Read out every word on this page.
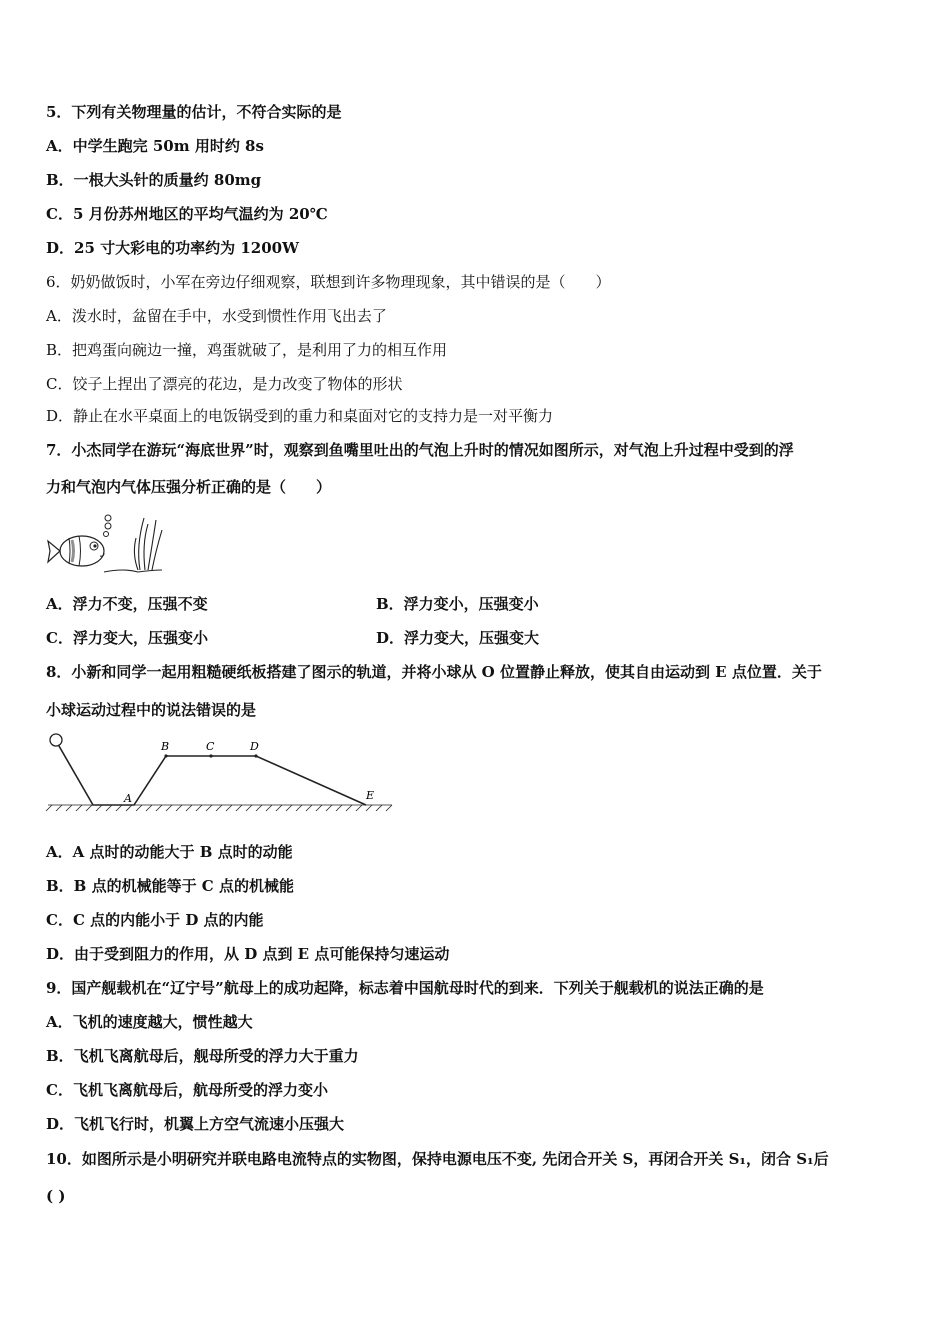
5．下列有关物理量的估计，不符合实际的是
A．中学生跑完 50m 用时约 8s
B．一根大头针的质量约 80mg
C．5 月份苏州地区的平均气温约为 20℃
D．25 寸大彩电的功率约为 1200W
6．奶奶做饭时，小军在旁边仔细观察，联想到许多物理现象，其中错误的是（　　）
A．泼水时，盆留在手中，水受到惯性作用飞出去了
B．把鸡蛋向碗边一撞，鸡蛋就破了，是利用了力的相互作用
C．饺子上捏出了漂亮的花边，是力改变了物体的形状
D．静止在水平桌面上的电饭锅受到的重力和桌面对它的支持力是一对平衡力
7．小杰同学在游玩“海底世界”时，观察到鱼嘴里吐出的气泡上升时的情况如图所示，对气泡上升过程中受到的浮
力和气泡内气体压强分析正确的是（　　）
A．浮力不变，压强不变	B．浮力变小，压强变小
C．浮力变大，压强变小	D．浮力变大，压强变大
8．小新和同学一起用粗糙硬纸板搭建了图示的轨道，并将小球从 O 位置静止释放，使其自由运动到 E 点位置．关于
小球运动过程中的说法错误的是
A
B	C	D
E
A．A 点时的动能大于 B 点时的动能
B．B 点的机械能等于 C 点的机械能
C．C 点的内能小于 D 点的内能
D．由于受到阻力的作用，从 D 点到 E 点可能保持匀速运动
9．国产舰载机在“辽宁号”航母上的成功起降，标志着中国航母时代的到来．下列关于舰载机的说法正确的是
A．飞机的速度越大，惯性越大
B．飞机飞离航母后，舰母所受的浮力大于重力
C．飞机飞离航母后，航母所受的浮力变小
D．飞机飞行时，机翼上方空气流速小压强大
10．如图所示是小明研究并联电路电流特点的实物图，保持电源电压不变, 先闭合开关 S，再闭合开关 S₁，闭合 S₁后
( )
